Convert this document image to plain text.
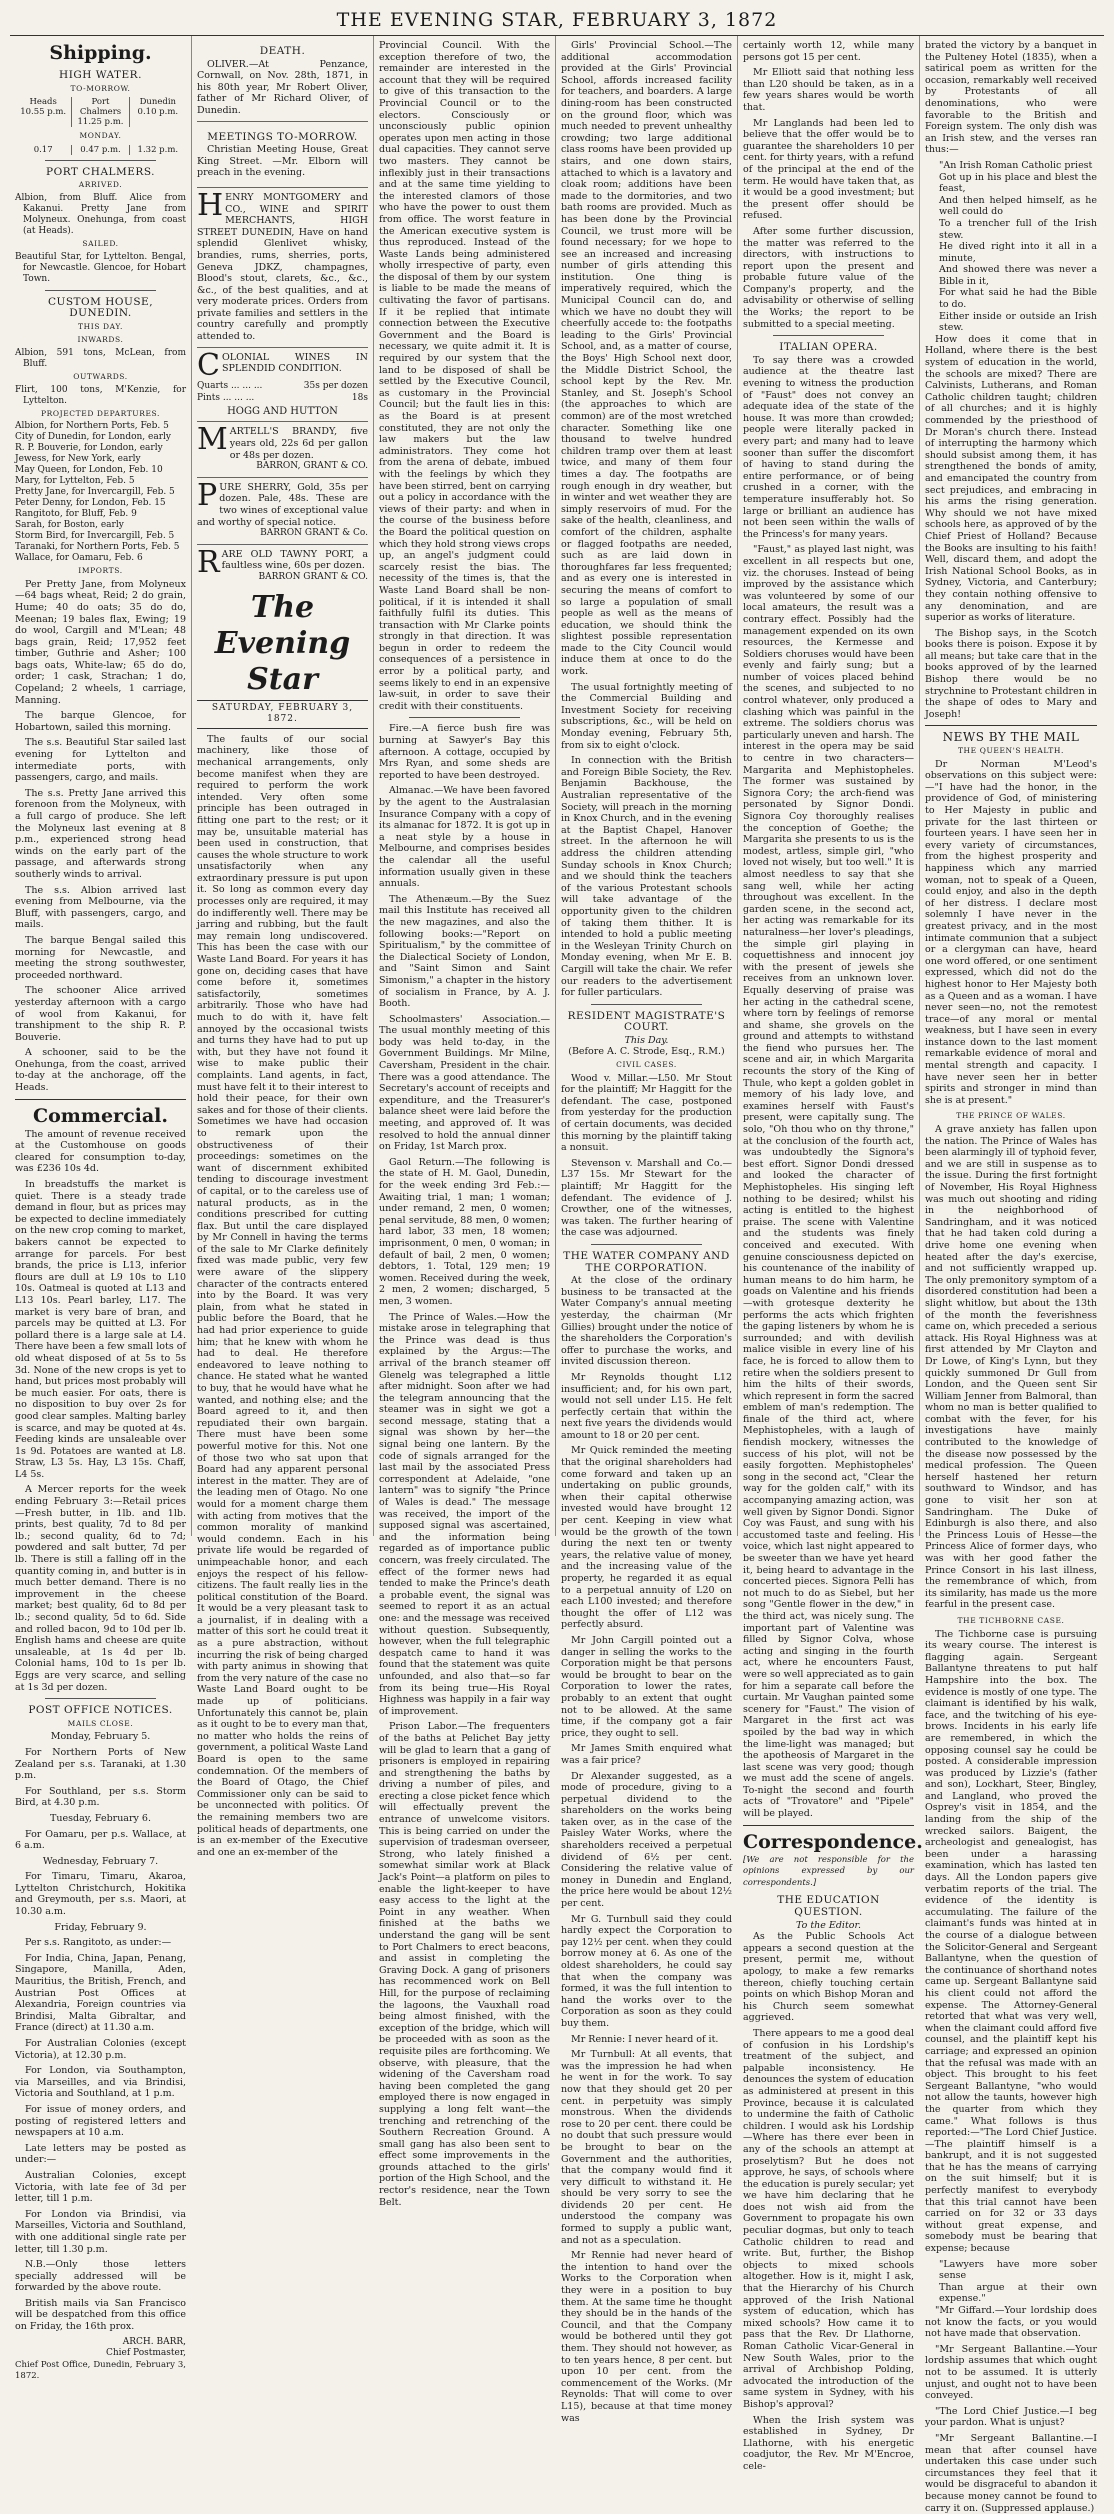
THE EVENING STAR, FEBRUARY 3, 1872
Shipping.
HIGH WATER.
TO-MORROW.
Heads
10.55 p.m.
Port Chalmers
11.25 p.m.
Dunedin
0.10 p.m.
MONDAY.
0.17	0.47 p.m.	1.32 p.m.
PORT CHALMERS.
ARRIVED.

Albion, from Bluff. Alice from Kakanui. Pretty Jane from Molyneux. Onehunga, from coast (at Heads).

SAILED.

Beautiful Star, for Lyttelton. Bengal, for Newcastle. Glencoe, for Hobart Town.

CUSTOM HOUSE, DUNEDIN.
THIS DAY.
INWARDS.

Albion, 591 tons, McLean, from Bluff.

OUTWARDS.

Flirt, 100 tons, M'Kenzie, for Lyttelton.

PROJECTED DEPARTURES.

Albion, for Northern Ports, Feb. 5

City of Dunedin, for London, early

R. P. Bouverie, for London, early

Jewess, for New York, early

May Queen, for London, Feb. 10

Mary, for Lyttelton, Feb. 5

Pretty Jane, for Invercargill, Feb. 5

Peter Denny, for London, Feb. 15

Rangitoto, for Bluff, Feb. 9

Sarah, for Boston, early

Storm Bird, for Invercargill, Feb. 5

Taranaki, for Northern Ports, Feb. 5

Wallace, for Oamaru, Feb. 6

IMPORTS.

Per Pretty Jane, from Molyneux—64 bags wheat, Reid; 2 do grain, Hume; 40 do oats; 35 do do, Meenan; 19 bales flax, Ewing; 19 do wool, Cargill and M'Lean; 48 bags grain, Reid; 17,952 feet timber, Guthrie and Asher; 100 bags oats, White-law; 65 do do, order; 1 cask, Strachan; 1 do, Copeland; 2 wheels, 1 carriage, Manning.

The barque Glencoe, for Hobartown, sailed this morning.

The s.s. Beautiful Star sailed last evening for Lyttelton and intermediate ports, with passengers, cargo, and mails.

The s.s. Pretty Jane arrived this forenoon from the Molyneux, with a full cargo of produce. She left the Molyneux last evening at 8 p.m., experienced strong head winds on the early part of the passage, and afterwards strong southerly winds to arrival.

The s.s. Albion arrived last evening from Melbourne, via the Bluff, with passengers, cargo, and mails.

The barque Bengal sailed this morning for Newcastle, and meeting the strong southwester, proceeded northward.

The schooner Alice arrived yesterday afternoon with a cargo of wool from Kakanui, for transhipment to the ship R. P. Bouverie.

A schooner, said to be the Onehunga, from the coast, arrived to-day at the anchorage, off the Heads.

Commercial.

The amount of revenue received at the Customhouse on goods cleared for consumption to-day, was £236 10s 4d.

In breadstuffs the market is quiet. There is a steady trade demand in flour, but as prices may be expected to decline immediately on the new crop coming to market, bakers cannot be expected to arrange for parcels. For best brands, the price is L13, inferior flours are dull at L9 10s to L10 10s. Oatmeal is quoted at L13 and L13 10s. Pearl barley, L17. The market is very bare of bran, and parcels may be quitted at L3. For pollard there is a large sale at L4. There have been a few small lots of old wheat disposed of at 5s to 5s 3d. None of the new crops is yet to hand, but prices most probably will be much easier. For oats, there is no disposition to buy over 2s for good clear samples. Malting barley is scarce, and may be quoted at 4s. Feeding kinds are unsaleable over 1s 9d. Potatoes are wanted at L8. Straw, L3 5s. Hay, L3 15s. Chaff, L4 5s.

A Mercer reports for the week ending February 3:—Retail prices—Fresh butter, in 1lb. and 1lb. prints, best quality, 7d to 8d per lb.; second quality, 6d to 7d; powdered and salt butter, 7d per lb. There is still a falling off in the quantity coming in, and butter is in much better demand. There is no improvement in the cheese market; best quality, 6d to 8d per lb.; second quality, 5d to 6d. Side and rolled bacon, 9d to 10d per lb. English hams and cheese are quite unsaleable, at 1s 4d per lb. Colonial hams, 10d to 1s per lb. Eggs are very scarce, and selling at 1s 3d per dozen.

POST OFFICE NOTICES.
MAILS CLOSE.

Monday, February 5.

For Northern Ports of New Zealand per s.s. Taranaki, at 1.30 p.m.

For Southland, per s.s. Storm Bird, at 4.30 p.m.

Tuesday, February 6.

For Oamaru, per p.s. Wallace, at 6 a.m.

Wednesday, February 7.

For Timaru, Timaru, Akaroa, Lyttelton Christchurch, Hokitika and Greymouth, per s.s. Maori, at 10.30 a.m.

Friday, February 9.

Per s.s. Rangitoto, as under:—

For India, China, Japan, Penang, Singapore, Manilla, Aden, Mauritius, the British, French, and Austrian Post Offices at Alexandria, Foreign countries via Brindisi, Malta Gibraltar, and France (direct) at 11.30 a.m.

For Australian Colonies (except Victoria), at 12.30 p.m.

For London, via Southampton, via Marseilles, and via Brindisi, Victoria and Southland, at 1 p.m.

For issue of money orders, and posting of registered letters and newspapers at 10 a.m.

Late letters may be posted as under:—

Australian Colonies, except Victoria, with late fee of 3d per letter, till 1 p.m.

For London via Brindisi, via Marseilles, Victoria and Southland, with one additional single rate per letter, till 1.30 p.m.

N.B.—Only those letters specially addressed will be forwarded by the above route.

British mails via San Francisco will be despatched from this office on Friday, the 16th prox.

ARCH. BARR,
Chief Postmaster,
Chief Post Office, Dunedin, February 3, 1872.
DEATH.

OLIVER.—At Penzance, Cornwall, on Nov. 28th, 1871, in his 80th year, Mr Robert Oliver, father of Mr Richard Oliver, of Dunedin.

MEETINGS TO-MORROW.

Christian Meeting House, Great King Street. —Mr. Elborn will preach in the evening.

H ENRY MONTGOMERY and CO., WINE and SPIRIT MERCHANTS, HIGH STREET DUNEDIN, Have on hand splendid Glenlivet whisky, brandies, rums, sherries, ports, Geneva JDKZ, champagnes, Blood's stout, clarets, &c., &c., &c., of the best qualities, and at very moderate prices. Orders from private families and settlers in the country carefully and promptly attended to.
C OLONIAL WINES IN SPLENDID CONDITION.
Quarts ... ... ...	35s per dozen
Pints ... ... ...	18s
HOGG AND HUTTON
M ARTELL'S BRANDY, five years old, 22s 6d per gallon or 48s per dozen.
BARRON, GRANT & CO.
P URE SHERRY, Gold, 35s per dozen. Pale, 48s. These are two wines of exceptional value and worthy of special notice.
BARRON GRANT & Co.
R ARE OLD TAWNY PORT, a faultless wine, 60s per dozen.
BARRON GRANT & CO.
The Evening Star
SATURDAY, FEBRUARY 3, 1872.

The faults of our social machinery, like those of mechanical arrangements, only become manifest when they are required to perform the work intended. Very often some principle has been outraged in fitting one part to the rest; or it may be, unsuitable material has been used in construction, that causes the whole structure to work unsatisfactorily when any extraordinary pressure is put upon it. So long as common every day processes only are required, it may do indifferently well. There may be jarring and rubbing, but the fault may remain long undiscovered. This has been the case with our Waste Land Board. For years it has gone on, deciding cases that have come before it, sometimes satisfactorily, sometimes arbitrarily. Those who have had much to do with it, have felt annoyed by the occasional twists and turns they have had to put up with, but they have not found it wise to make public their complaints. Land agents, in fact, must have felt it to their interest to hold their peace, for their own sakes and for those of their clients. Sometimes we have had occasion to remark upon the obstructiveness of their proceedings: sometimes on the want of discernment exhibited tending to discourage investment of capital, or to the careless use of natural products, as in the conditions prescribed for cutting flax. But until the care displayed by Mr Connell in having the terms of the sale to Mr Clarke definitely fixed was made public, very few were aware of the slippery character of the contracts entered into by the Board. It was very plain, from what he stated in public before the Board, that he had had prior experience to guide him; that he knew with whom he had to deal. He therefore endeavored to leave nothing to chance. He stated what he wanted to buy, that he would have what he wanted, and nothing else; and the Board agreed to it, and then repudiated their own bargain. There must have been some powerful motive for this. Not one of those two who sat upon that Board had any apparent personal interest in the matter. They are of the leading men of Otago. No one would for a moment charge them with acting from motives that the common morality of mankind would condemn. Each in his private life would be regarded of unimpeachable honor, and each enjoys the respect of his fellow-citizens. The fault really lies in the political constitution of the Board. It would be a very pleasant task to a journalist, if in dealing with a matter of this sort he could treat it as a pure abstraction, without incurring the risk of being charged with party animus in showing that from the very nature of the case no Waste Land Board ought to be made up of politicians. Unfortunately this cannot be, plain as it ought to be to every man that, no matter who holds the reins of government, a political Waste Land Board is open to the same condemnation. Of the members of the Board of Otago, the Chief Commissioner only can be said to be unconnected with politics. Of the remaining members two are political heads of departments, one is an ex-member of the Executive and one an ex-member of the

Provincial Council. With the exception therefore of two, the remainder are interested in the account that they will be required to give of this transaction to the Provincial Council or to the electors. Consciously or unconsciously public opinion operates upon men acting in those dual capacities. They cannot serve two masters. They cannot be inflexibly just in their transactions and at the same time yielding to the interested clamors of those who have the power to oust them from office. The worst feature in the American executive system is thus reproduced. Instead of the Waste Lands being administered wholly irrespective of party, even the disposal of them by our system is liable to be made the means of cultivating the favor of partisans. If it be replied that intimate connection between the Executive Government and the Board is necessary, we quite admit it. It is required by our system that the land to be disposed of shall be settled by the Executive Council, as customary in the Provincial Council; but the fault lies in this: as the Board is at present constituted, they are not only the law makers but the law administrators. They come hot from the arena of debate, imbued with the feelings by which they have been stirred, bent on carrying out a policy in accordance with the views of their party: and when in the course of the business before the Board the political question on which they hold strong views crops up, an angel's judgment could scarcely resist the bias. The necessity of the times is, that the Waste Land Board shall be non-political, if it is intended it shall faithfully fulfil its duties. This transaction with Mr Clarke points strongly in that direction. It was begun in order to redeem the consequences of a persistence in error by a political party, and seems likely to end in an expensive law-suit, in order to save their credit with their constituents.

Fire.—A fierce bush fire was burning at Sawyer's Bay this afternoon. A cottage, occupied by Mrs Ryan, and some sheds are reported to have been destroyed.

Almanac.—We have been favored by the agent to the Australasian Insurance Company with a copy of its almanac for 1872. It is got up in a neat style by a house in Melbourne, and comprises besides the calendar all the useful information usually given in these annuals.

The Athenæum.—By the Suez mail this Institute has received all the new magazines, and also the following books:—"Report on Spiritualism," by the committee of the Dialectical Society of London, and "Saint Simon and Saint Simonism," a chapter in the history of socialism in France, by A. J. Booth.

Schoolmasters' Association.—The usual monthly meeting of this body was held to-day, in the Government Buildings. Mr Milne, Caversham, President in the chair. There was a good attendance. The Secretary's account of receipts and expenditure, and the Treasurer's balance sheet were laid before the meeting, and approved of. It was resolved to hold the annual dinner on Friday, 1st March prox.

Gaol Return.—The following is the state of H. M. Gaol, Dunedin, for the week ending 3rd Feb.:—Awaiting trial, 1 man; 1 woman; under remand, 2 men, 0 women; penal servitude, 88 men, 0 women; hard labor, 33 men, 18 women; imprisonment, 0 men, 0 woman; in default of bail, 2 men, 0 women; debtors, 1. Total, 129 men; 19 women. Received during the week, 2 men, 2 women; discharged, 5 men, 3 women.

The Prince of Wales.—How the mistake arose in telegraphing that the Prince was dead is thus explained by the Argus:—The arrival of the branch steamer off Glenelg was telegraphed a little after midnight. Soon after we had the telegram announcing that the steamer was in sight we got a second message, stating that a signal was shown by her—the signal being one lantern. By the code of signals arranged for the last mail by the associated Press correspondent at Adelaide, "one lantern" was to signify "the Prince of Wales is dead." The message was received, the import of the supposed signal was ascertained, and the information being regarded as of importance public concern, was freely circulated. The effect of the former news had tended to make the Prince's death a probable event, the signal was seemed to report it as an actual one: and the message was received without question. Subsequently, however, when the full telegraphic despatch came to hand it was found that the statement was quite unfounded, and also that—so far from its being true—His Royal Highness was happily in a fair way of improvement.

Prison Labor.—The frequenters of the baths at Pelichet Bay jetty will be glad to learn that a gang of prisoners is employed in repairing and strengthening the baths by driving a number of piles, and erecting a close picket fence which will effectually prevent the entrance of unwelcome visitors. This is being carried on under the supervision of tradesman overseer, Strong, who lately finished a somewhat similar work at Black Jack's Point—a platform on piles to enable the light-keeper to have easy access to the light at the Point in any weather. When finished at the baths we understand the gang will be sent to Port Chalmers to erect beacons, and assist in completing the Graving Dock. A gang of prisoners has recommenced work on Bell Hill, for the purpose of reclaiming the lagoons, the Vauxhall road being almost finished, with the exception of the bridge, which will be proceeded with as soon as the requisite piles are forthcoming. We observe, with pleasure, that the widening of the Caversham road having been completed the gang employed there is now engaged in supplying a long felt want—the trenching and retrenching of the Southern Recreation Ground. A small gang has also been sent to effect some improvements in the grounds attached to the girls' portion of the High School, and the rector's residence, near the Town Belt.

Girls' Provincial School.—The additional accommodation provided at the Girls' Provincial School, affords increased facility for teachers, and boarders. A large dining-room has been constructed on the ground floor, which was much needed to prevent unhealthy crowding; two large additional class rooms have been provided up stairs, and one down stairs, attached to which is a lavatory and cloak room; additions have been made to the dormitories, and two bath rooms are provided. Much as has been done by the Provincial Council, we trust more will be found necessary; for we hope to see an increased and increasing number of girls attending this institution. One thing is imperatively required, which the Municipal Council can do, and which we have no doubt they will cheerfully accede to: the footpaths leading to the Girls' Provincial School, and, as a matter of course, the Boys' High School next door, the Middle District School, the school kept by the Rev. Mr. Stanley, and St. Joseph's School (the approaches to which are common) are of the most wretched character. Something like one thousand to twelve hundred children tramp over them at least twice, and many of them four times a day. The footpaths are rough enough in dry weather, but in winter and wet weather they are simply reservoirs of mud. For the sake of the health, cleanliness, and comfort of the children, asphalte or flagged footpaths are needed, such as are laid down in thoroughfares far less frequented; and as every one is interested in securing the means of comfort to so large a population of small people as well as the means of education, we should think the slightest possible representation made to the City Council would induce them at once to do the work.

The usual fortnightly meeting of the Commercial Building and Investment Society for receiving subscriptions, &c., will be held on Monday evening, February 5th, from six to eight o'clock.

In connection with the British and Foreign Bible Society, the Rev. Benjamin Backhouse, the Australian representative of the Society, will preach in the morning in Knox Church, and in the evening at the Baptist Chapel, Hanover street. In the afternoon he will address the children attending Sunday schools in Knox Church; and we should think the teachers of the various Protestant schools will take advantage of the opportunity given to the children of taking them thither. It is intended to hold a public meeting in the Wesleyan Trinity Church on Monday evening, when Mr E. B. Cargill will take the chair. We refer our readers to the advertisement for fuller particulars.

RESIDENT MAGISTRATE'S COURT.
This Day.
(Before A. C. Strode, Esq., R.M.)
CIVIL CASES.

Wood v. Millar.—L50. Mr Stout for the plaintiff; Mr Haggitt for the defendant. The case, postponed from yesterday for the production of certain documents, was decided this morning by the plaintiff taking a nonsuit.

Stevenson v. Marshall and Co.—L37 15s. Mr Stewart for the plaintiff; Mr Haggitt for the defendant. The evidence of J. Crowther, one of the witnesses, was taken. The further hearing of the case was adjourned.

THE WATER COMPANY AND THE CORPORATION.

At the close of the ordinary business to be transacted at the Water Company's annual meeting yesterday, the chairman (Mr Gillies) brought under the notice of the shareholders the Corporation's offer to purchase the works, and invited discussion thereon.

Mr Reynolds thought L12 insufficient; and, for his own part, would not sell under L15. He felt perfectly certain that within the next five years the dividends would amount to 18 or 20 per cent.

Mr Quick reminded the meeting that the original shareholders had come forward and taken up an undertaking on public grounds, when their capital otherwise invested would have brought 12 per cent. Keeping in view what would be the growth of the town during the next ten or twenty years, the relative value of money, and the increasing value of the property, he regarded it as equal to a perpetual annuity of L20 on each L100 invested; and therefore thought the offer of L12 was perfectly absurd.

Mr John Cargill pointed out a danger in selling the works to the Corporation might be that persons would be brought to bear on the Corporation to lower the rates, probably to an extent that ought not to be allowed. At the same time, if the company got a fair price, they ought to sell.

Mr James Smith enquired what was a fair price?

Dr Alexander suggested, as a mode of procedure, giving to a perpetual dividend to the shareholders on the works being taken over, as in the case of the Paisley Water Works, where the shareholders received a perpetual dividend of 6½ per cent. Considering the relative value of money in Dunedin and England, the price here would be about 12½ per cent.

Mr G. Turnbull said they could hardly expect the Corporation to pay 12½ per cent. when they could borrow money at 6. As one of the oldest shareholders, he could say that when the company was formed, it was the full intention to hand the works over to the Corporation as soon as they could buy them.

Mr Rennie: I never heard of it.

Mr Turnbull: At all events, that was the impression he had when he went in for the work. To say now that they should get 20 per cent. in perpetuity was simply monstrous. When the dividends rose to 20 per cent. there could be no doubt that such pressure would be brought to bear on the Government and the authorities, that the company would find it very difficult to withstand it. He should be very sorry to see the dividends 20 per cent. He understood the company was formed to supply a public want, and not as a speculation.

Mr Rennie had never heard of the intention to hand over the Works to the Corporation when they were in a position to buy them. At the same time he thought they should be in the hands of the Council, and that the Company would be bothered until they got them. They should not however, as to ten years hence, 8 per cent. but upon 10 per cent. from the commencement of the Works. (Mr Reynolds: That will come to over L15), because at that time money was

certainly worth 12, while many persons got 15 per cent.

Mr Elliott said that nothing less than L20 should be taken, as in a few years shares would be worth that.

Mr Langlands had been led to believe that the offer would be to guarantee the shareholders 10 per cent. for thirty years, with a refund of the principal at the end of the term. He would have taken that, as it would be a good investment; but the present offer should be refused.

After some further discussion, the matter was referred to the directors, with instructions to report upon the present and probable future value of the Company's property, and the advisability or otherwise of selling the Works; the report to be submitted to a special meeting.

ITALIAN OPERA.

To say there was a crowded audience at the theatre last evening to witness the production of "Faust" does not convey an adequate idea of the state of the house. It was more than crowded; people were literally packed in every part; and many had to leave sooner than suffer the discomfort of having to stand during the entire performance, or of being crushed in a corner, with the temperature insufferably hot. So large or brilliant an audience has not been seen within the walls of the Princess's for many years.

"Faust," as played last night, was excellent in all respects but one, viz. the choruses. Instead of being improved by the assistance which was volunteered by some of our local amateurs, the result was a contrary effect. Possibly had the management expended on its own resources, the Kermesse and Soldiers choruses would have been evenly and fairly sung; but a number of voices placed behind the scenes, and subjected to no control whatever, only produced a clashing which was painful in the extreme. The soldiers chorus was particularly uneven and harsh. The interest in the opera may be said to centre in two characters—Margarita and Mephistopheles. The former was sustained by Signora Cory; the arch-fiend was personated by Signor Dondi. Signora Coy thoroughly realises the conception of Goethe; the Margarita she presents to us is the modest, artless, simple girl, "who loved not wisely, but too well." It is almost needless to say that she sang well, while her acting throughout was excellent. In the garden scene, in the second act, her acting was remarkable for its naturalness—her lover's pleadings, the simple girl playing in coquettishness and innocent joy with the present of jewels she receives from an unknown lover. Equally deserving of praise was her acting in the cathedral scene, where torn by feelings of remorse and shame, she grovels on the ground and attempts to withstand the fiend who pursues her. The scene and air, in which Margarita recounts the story of the King of Thule, who kept a golden goblet in memory of his lady love, and examines herself with Faust's present, were capitally sung. The solo, "Oh thou who on thy throne," at the conclusion of the fourth act, was undoubtedly the Signora's best effort. Signor Dondi dressed and looked the character of Mephistopheles. His singing left nothing to be desired; whilst his acting is entitled to the highest praise. The scene with Valentine and the students was finely conceived and executed. With genuine consciousness depicted on his countenance of the inability of human means to do him harm, he goads on Valentine and his friends—with grotesque dexterity he performs the acts which frighten the gaping listeners by whom he is surrounded; and with devilish malice visible in every line of his face, he is forced to allow them to retire when the soldiers present to him the hilts of their swords, which represent in form the sacred emblem of man's redemption. The finale of the third act, where Mephistopheles, with a laugh of fiendish mockery, witnesses the success of his plot, will not be easily forgotten. Mephistopheles' song in the second act, "Clear the way for the golden calf," with its accompanying amazing action, was well given by Signor Dondi. Signor Coy was Faust, and sung with his accustomed taste and feeling. His voice, which last night appeared to be sweeter than we have yet heard it, being heard to advantage in the concerted pieces. Signora Pelli has not much to do as Siebel, but her song "Gentle flower in the dew," in the third act, was nicely sung. The important part of Valentine was filled by Signor Colva, whose acting and singing in the fourth act, where he encounters Faust, were so well appreciated as to gain for him a separate call before the curtain. Mr Vaughan painted some scenery for "Faust." The vision of Margaret in the first act was spoiled by the bad way in which the lime-light was managed; but the apotheosis of Margaret in the last scene was very good; though we must add the scene of angels. To-night the second and fourth acts of "Trovatore" and "Pipele" will be played.

Correspondence.

[We are not responsible for the opinions expressed by our correspondents.]

THE EDUCATION QUESTION.
To the Editor.

As the Public Schools Act appears a second question at the present, permit me, without apology, to make a few remarks thereon, chiefly touching certain points on which Bishop Moran and his Church seem somewhat aggrieved.

There appears to me a good deal of confusion in his Lordship's treatment of the subject, and palpable inconsistency. He denounces the system of education as administered at present in this Province, because it is calculated to undermine the faith of Catholic children. I would ask his Lordship—Where has there ever been in any of the schools an attempt at proselytism? But he does not approve, he says, of schools where the education is purely secular; yet we have him declaring that he does not wish aid from the Government to propagate his own peculiar dogmas, but only to teach Catholic children to read and write. But, further, the Bishop objects to mixed schools altogether. How is it, might I ask, that the Hierarchy of his Church approved of the Irish National system of education, which has mixed schools? How came it to pass that the Rev. Dr Llathorne, Roman Catholic Vicar-General in New South Wales, prior to the arrival of Archbishop Polding, advocated the introduction of the same system in Sydney, with his Bishop's approval?

When the Irish system was established in Sydney, Dr Llathorne, with his energetic coadjutor, the Rev. Mr M'Encroe, cele-

brated the victory by a banquet in the Pulteney Hotel (1835), when a satirical poem as written for the occasion, remarkably well received by Protestants of all denominations, who were favorable to the British and Foreign system. The only dish was an Irish stew, and the verses ran thus:—

"An Irish Roman Catholic priest

Got up in his place and blest the feast,

And then helped himself, as he well could do

To a trencher full of the Irish stew.

He dived right into it all in a minute,

And showed there was never a Bible in it,

For what said he had the Bible to do.

Either inside or outside an Irish stew.

How does it come that in Holland, where there is the best system of education in the world, the schools are mixed? There are Calvinists, Lutherans, and Roman Catholic children taught; children of all churches; and it is highly commended by the priesthood of Dr Moran's church there. Instead of interrupting the harmony which should subsist among them, it has strengthened the bonds of amity, and emancipated the country from sect prejudices, and embracing in his arms the rising generation. Why should we not have mixed schools here, as approved of by the Chief Priest of Holland? Because the Books are insulting to his faith! Well, discard them, and adopt the Irish National School Books, as in Sydney, Victoria, and Canterbury; they contain nothing offensive to any denomination, and are superior as works of literature.

The Bishop says, in the Scotch books there is poison. Expose it by all means; but take care that in the books approved of by the learned Bishop there would be no strychnine to Protestant children in the shape of odes to Mary and Joseph!

NEWS BY THE MAIL
THE QUEEN'S HEALTH.

Dr Norman M'Leod's observations on this subject were:—"I have had the honor, in the providence of God, of ministering to Her Majesty in public and private for the last thirteen or fourteen years. I have seen her in every variety of circumstances, from the highest prosperity and happiness which any married woman, not to speak of a Queen, could enjoy, and also in the depth of her distress. I declare most solemnly I have never in the greatest privacy, and in the most intimate communion that a subject or a clergyman can have, heard one word offered, or one sentiment expressed, which did not do the highest honor to Her Majesty both as a Queen and as a woman. I have never seen—no, not the remotest trace—of any moral or mental weakness, but I have seen in every instance down to the last moment remarkable evidence of moral and mental strength and capacity. I have never seen her in better spirits and stronger in mind than she is at present."

THE PRINCE OF WALES.

A grave anxiety has fallen upon the nation. The Prince of Wales has been alarmingly ill of typhoid fever, and we are still in suspense as to the issue. During the first fortnight of November, His Royal Highness was much out shooting and riding in the neighborhood of Sandringham, and it was noticed that he had taken cold during a drive home one evening when heated after the day's exercise, and not sufficiently wrapped up. The only premonitory symptom of a disordered constitution had been a slight whitlow, but about the 13th of the month the feverishness came on, which preceded a serious attack. His Royal Highness was at first attended by Mr Clayton and Dr Lowe, of King's Lynn, but they quickly summoned Dr Gull from London, and the Queen sent Sir William Jenner from Balmoral, than whom no man is better qualified to combat with the fever, for his investigations have mainly contributed to the knowledge of the disease now possessed by the medical profession. The Queen herself hastened her return southward to Windsor, and has gone to visit her son at Sandringham. The Duke of Edinburgh is also there, and also the Princess Louis of Hesse—the Princess Alice of former days, who was with her good father the Prince Consort in his last illness, the remembrance of which, from its similarity, has made us the more fearful in the present case.

THE TICHBORNE CASE.

The Tichborne case is pursuing its weary course. The interest is flagging again. Sergeant Ballantyne threatens to put half Hampshire into the box. The evidence is mostly of one type. The claimant is identified by his walk, face, and the twitching of his eye-brows. Incidents in his early life are remembered, in which the opposing counsel say he could be posted. A considerable impression was produced by Lizzie's (father and son), Lockhart, Steer, Bingley, and Langland, who proved the Osprey's visit in 1854, and the landing from the ship of the wrecked sailors. Baigent, the archeologist and genealogist, has been under a harassing examination, which has lasted ten days. All the London papers give verbatim reports of the trial. The evidence of the identity is accumulating. The failure of the claimant's funds was hinted at in the course of a dialogue between the Solicitor-General and Sergeant Ballantyne, when the question of the continuance of shorthand notes came up. Sergeant Ballantyne said his client could not afford the expense. The Attorney-General retorted that what was very well, when the claimant could afford five counsel, and the plaintiff kept his carriage; and expressed an opinion that the refusal was made with an object. This brought to his feet Sergeant Ballantyne, "who would not allow the taunts, however high the quarter from which they came." What follows is thus reported:—"The Lord Chief Justice.—The plaintiff himself is a bankrupt, and it is not suggested that he has the means of carrying on the suit himself; but it is perfectly manifest to everybody that this trial cannot have been carried on for 32 or 33 days without great expense, and somebody must be bearing that expense; because

"Lawyers have more sober sense

Than argue at their own expense."

"Mr Giffard.—Your lordship does not know the facts, or you would not have made that observation.

"Mr Sergeant Ballantine.—Your lordship assumes that which ought not to be assumed. It is utterly unjust, and ought not to have been conveyed.

"The Lord Chief Justice.—I beg your pardon. What is unjust?

"Mr Sergeant Ballantine.—I mean that after counsel have undertaken this case under such circumstances they feel that it would be disgraceful to abandon it because money cannot be found to carry it on. (Suppressed applause.)
